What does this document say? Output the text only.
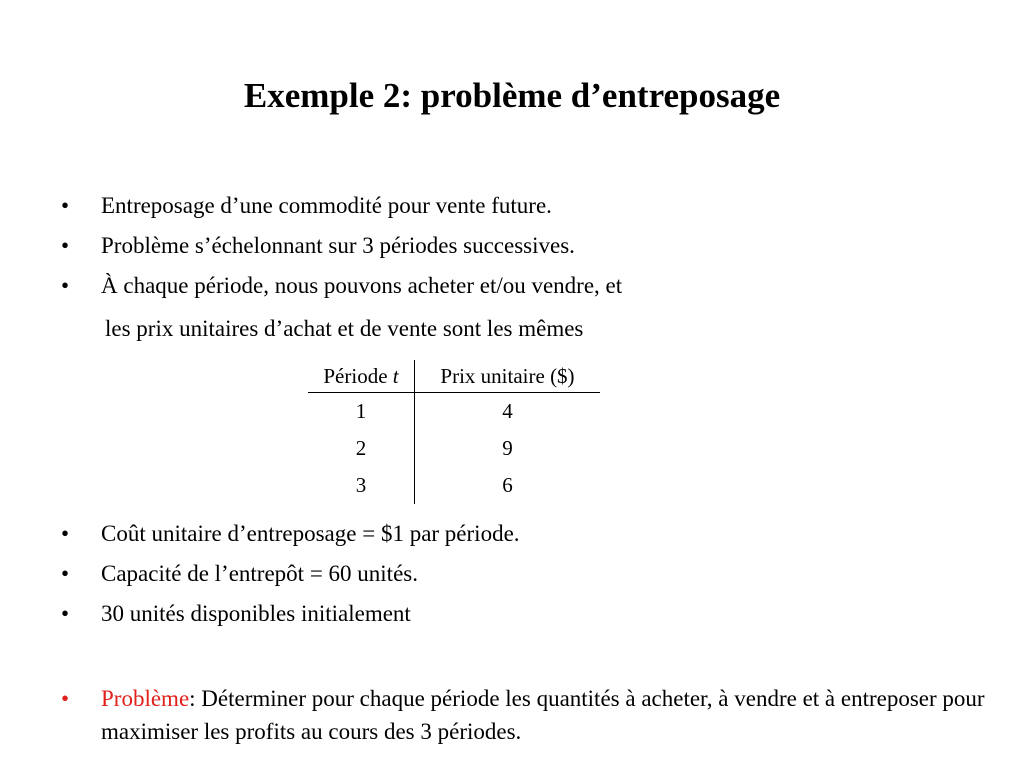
Exemple 2: problème d’entreposage
• Entreposage d’une commodité pour vente future.
• Problème s’échelonnant sur 3 périodes successives.
• À chaque période, nous pouvons acheter et/ou vendre, et
les prix unitaires d’achat et de vente sont les mêmes
Période t	Prix unitaire ($)
1	4
2	9
3	6
• Coût unitaire d’entreposage = $1 par période.
• Capacité de l’entrepôt = 60 unités.
• 30 unités disponibles initialement
•	Problème: Déterminer pour chaque période les quantités à acheter, à vendre et à entreposer pour maximiser les profits au cours des 3 périodes.
